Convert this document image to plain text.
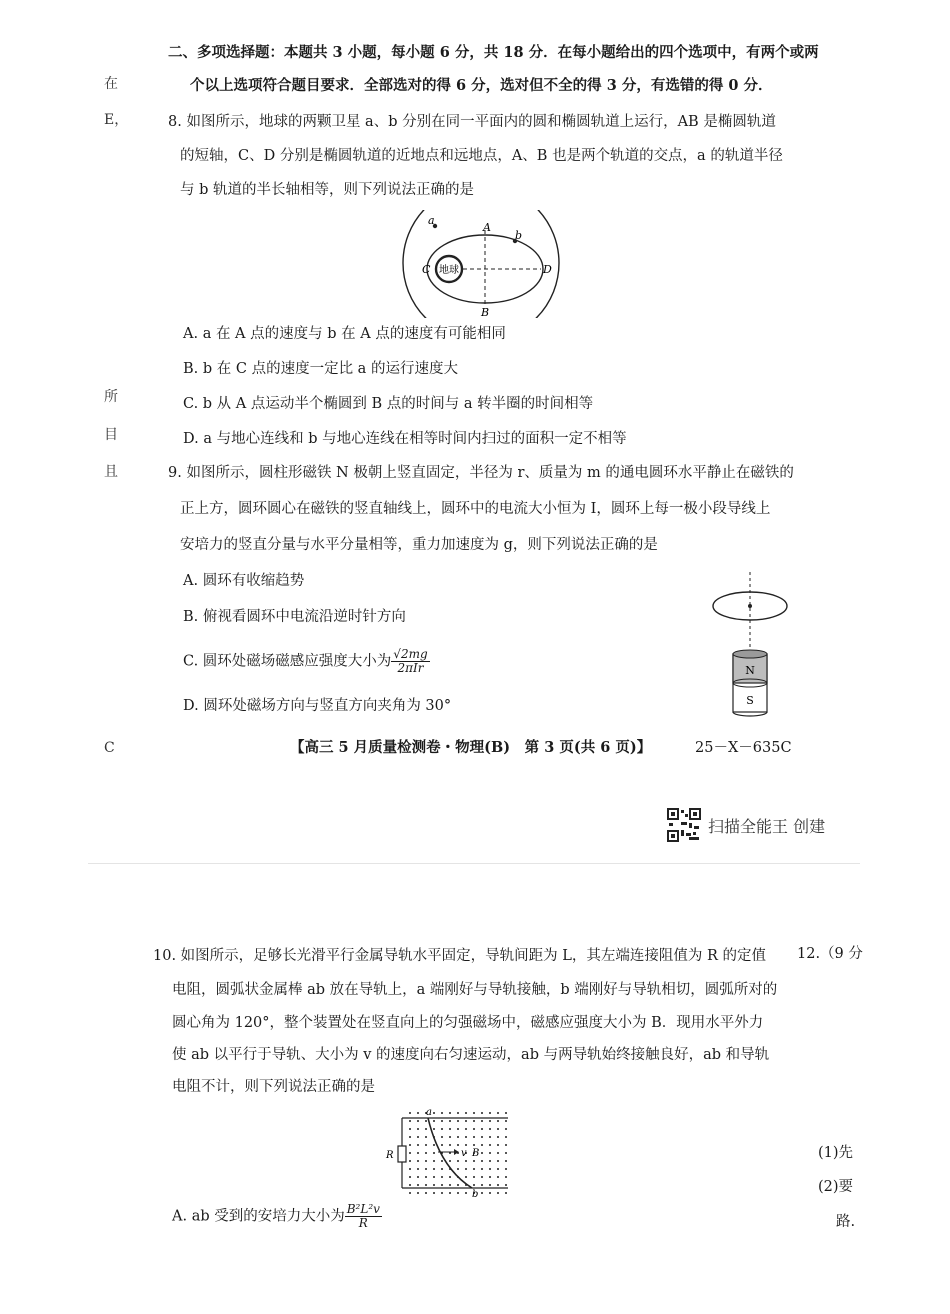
二、多项选择题：本题共 3 小题，每小题 6 分，共 18 分．在每小题给出的四个选项中，有两个或两
个以上选项符合题目要求．全部选对的得 6 分，选对但不全的得 3 分，有选错的得 0 分．
在
E，
所
目
且
C
8. 如图所示，地球的两颗卫星 a、b 分别在同一平面内的圆和椭圆轨道上运行，AB 是椭圆轨道
的短轴，C、D 分别是椭圆轨道的近地点和远地点，A、B 也是两个轨道的交点，a 的轨道半径
与 b 轨道的半长轴相等，则下列说法正确的是
地球
a
A
b
C	D
B
A. a 在 A 点的速度与 b 在 A 点的速度有可能相同
B. b 在 C 点的速度一定比 a 的运行速度大
C. b 从 A 点运动半个椭圆到 B 点的时间与 a 转半圈的时间相等
D. a 与地心连线和 b 与地心连线在相等时间内扫过的面积一定不相等
9. 如图所示，圆柱形磁铁 N 极朝上竖直固定，半径为 r、质量为 m 的通电圆环水平静止在磁铁的
正上方，圆环圆心在磁铁的竖直轴线上，圆环中的电流大小恒为 I，圆环上每一极小段导线上
安培力的竖直分量与水平分量相等，重力加速度为 g，则下列说法正确的是
A. 圆环有收缩趋势
B. 俯视看圆环中电流沿逆时针方向
C. 圆环处磁场磁感应强度大小为 $\frac{√2mg}{\text{2πIr}}$
D. 圆环处磁场方向与竖直方向夹角为 30°
N
S
【高三 5 月质量检测卷・物理(B)　第 3 页(共 6 页)】	25－X－635C
扫描全能王 创建
10. 如图所示，足够长光滑平行金属导轨水平固定，导轨间距为 L，其左端连接阻值为 R 的定值
电阻，圆弧状金属棒 ab 放在导轨上，a 端刚好与导轨接触，b 端刚好与导轨相切，圆弧所对的
圆心角为 120°，整个装置处在竖直向上的匀强磁场中，磁感应强度大小为 B．现用水平外力
使 ab 以平行于导轨、大小为 v 的速度向右匀速运动，ab 与两导轨始终接触良好，ab 和导轨
电阻不计，则下列说法正确的是
R
a
b
v B
A. ab 受到的安培力大小为 $\frac{\text{B²L²v}}{R}$
12.（9 分
(1)先
(2)要
路.
